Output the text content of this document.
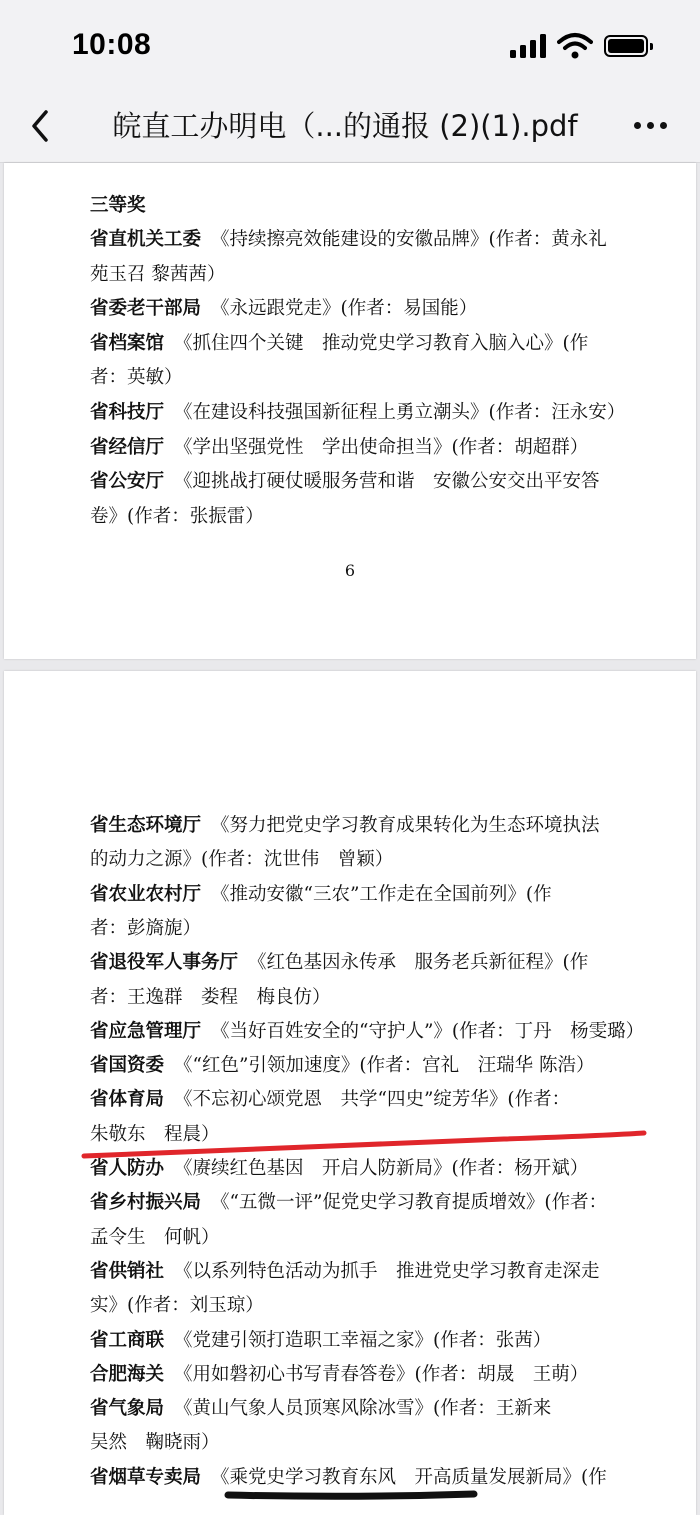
10:08
皖直工办明电（...的通报 (2)(1).pdf
三等奖
省直机关工委 《持续擦亮效能建设的安徽品牌》(作者：黄永礼
苑玉召 黎茜茜）
省委老干部局 《永远跟党走》(作者：易国能）
省档案馆 《抓住四个关键　推动党史学习教育入脑入心》(作
者：英敏）
省科技厅 《在建设科技强国新征程上勇立潮头》(作者：汪永安）
省经信厅 《学出坚强党性　学出使命担当》(作者：胡超群）
省公安厅 《迎挑战打硬仗暖服务营和谐　安徽公安交出平安答
卷》(作者：张振雷）
6
省生态环境厅 《努力把党史学习教育成果转化为生态环境执法
的动力之源》(作者：沈世伟　曾颖）
省农业农村厅 《推动安徽“三农”工作走在全国前列》(作
者：彭旖旎）
省退役军人事务厅 《红色基因永传承　服务老兵新征程》(作
者：王逸群　娄程　梅良仿）
省应急管理厅 《当好百姓安全的“守护人”》(作者：丁丹　杨雯璐）
省国资委 《“红色”引领加速度》(作者：宫礼　汪瑞华 陈浩）
省体育局 《不忘初心颂党恩　共学“四史”绽芳华》(作者：
朱敬东　程晨）
省人防办 《赓续红色基因　开启人防新局》(作者：杨开斌）
省乡村振兴局 《“五微一评”促党史学习教育提质增效》(作者：
孟令生　何帆）
省供销社 《以系列特色活动为抓手　推进党史学习教育走深走
实》(作者：刘玉琼）
省工商联 《党建引领打造职工幸福之家》(作者：张茜）
合肥海关 《用如磐初心书写青春答卷》(作者：胡晟　王萌）
省气象局 《黄山气象人员顶寒风除冰雪》(作者：王新来
吴然　鞠晓雨）
省烟草专卖局 《乘党史学习教育东风　开高质量发展新局》(作
